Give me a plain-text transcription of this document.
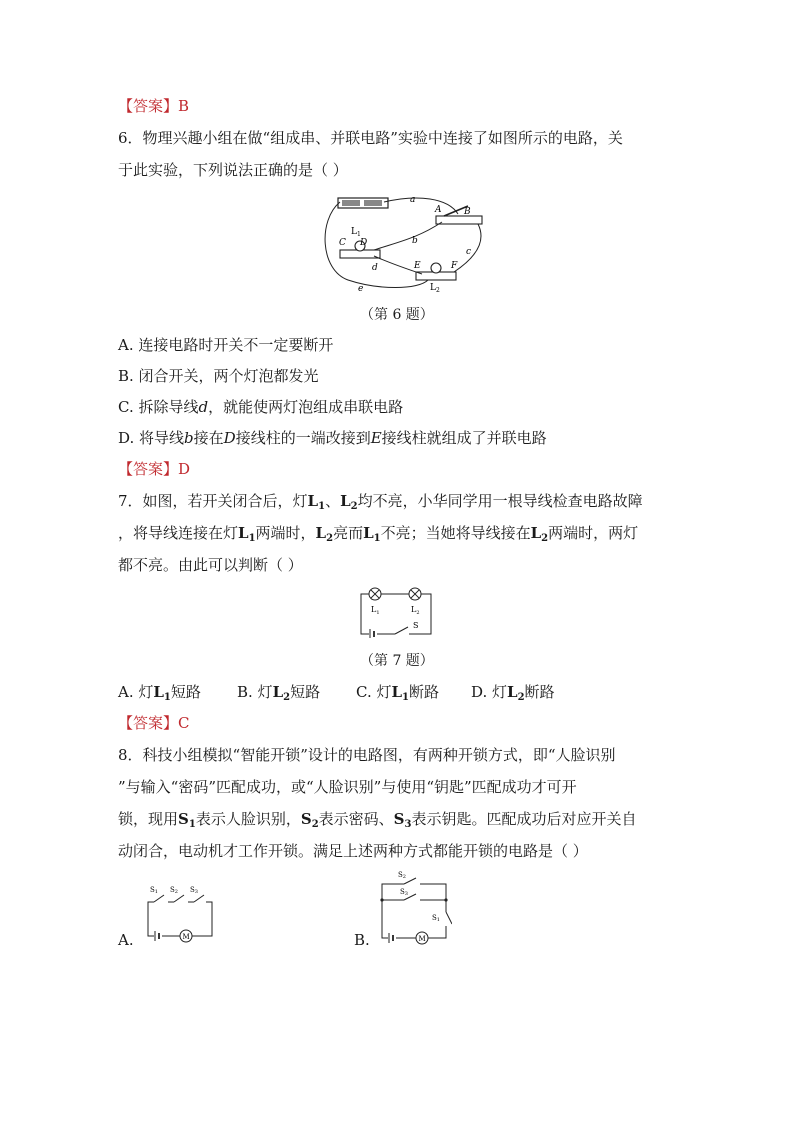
【答案】B
6．物理兴趣小组在做“组成串、并联电路”实验中连接了如图所示的电路，关
于此实验，下列说法正确的是（ ）
A	B
a
b
c
d
e
C D
E	F
$L_1$
$L_2$
（第 6 题）
A. 连接电路时开关不一定要断开
B. 闭合开关，两个灯泡都发光
C. 拆除导线d，就能使两灯泡组成串联电路
D. 将导线b接在D接线柱的一端改接到E接线柱就组成了并联电路
【答案】D
7．如图，若开关闭合后，灯$L_1$、$L_2$均不亮，小华同学用一根导线检查电路故障
，将导线连接在灯$L_1$两端时，$L_2$亮而$L_1$不亮；当她将导线接在$L_2$两端时，两灯
都不亮。由此可以判断（ ）
$L_1$	$L_2$
S
（第 7 题）
A. 灯$L_1$短路 B. 灯$L_2$短路 C. 灯$L_1$断路 D. 灯$L_2$断路
【答案】C
8．科技小组模拟“智能开锁”设计的电路图，有两种开锁方式，即“人脸识别
”与输入“密码”匹配成功，或“人脸识别”与使用“钥匙”匹配成功才可开
锁，现用$S_1$表示人脸识别，$S_2$表示密码、$S_3$表示钥匙。匹配成功后对应开关自
动闭合，电动机才工作开锁。满足上述两种方式都能开锁的电路是（ ）
A.
S1 S2 S3
M	B.
S2
S3
S1
M
